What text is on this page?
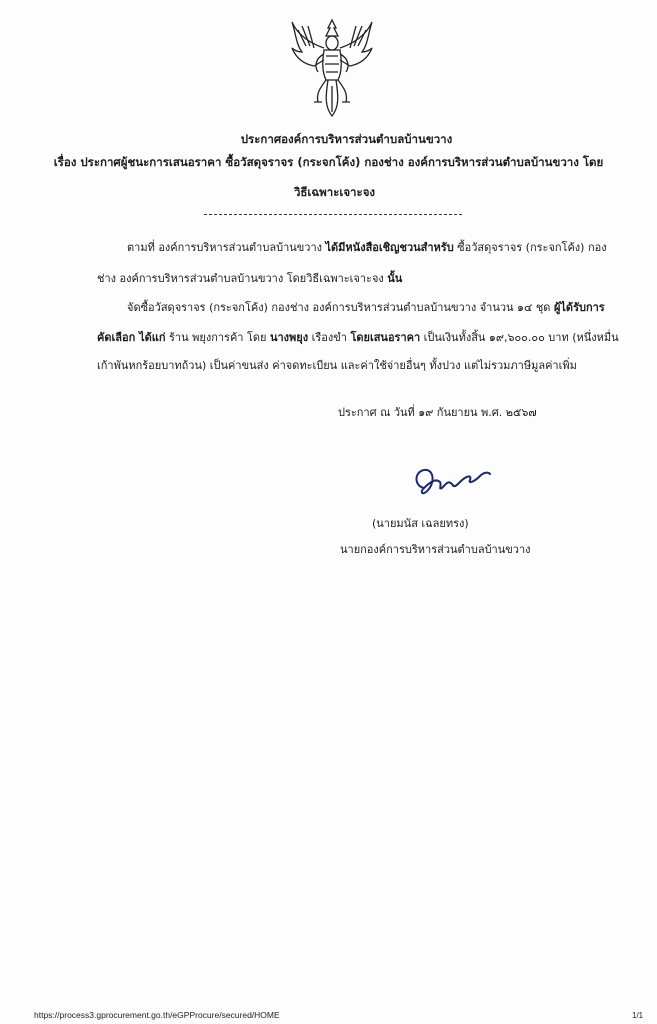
ประกาศองค์การบริหารส่วนตำบลบ้านขวาง
เรื่อง ประกาศผู้ชนะการเสนอราคา ซื้อวัสดุจราจร (กระจกโค้ง) กองช่าง องค์การบริหารส่วนตำบลบ้านขวาง โดย
วิธีเฉพาะเจาะจง
ตามที่ องค์การบริหารส่วนตำบลบ้านขวาง ได้มีหนังสือเชิญชวนสำหรับ ซื้อวัสดุจราจร (กระจกโค้ง) กอง
ช่าง องค์การบริหารส่วนตำบลบ้านขวาง โดยวิธีเฉพาะเจาะจง นั้น
จัดซื้อวัสดุจราจร (กระจกโค้ง) กองช่าง องค์การบริหารส่วนตำบลบ้านขวาง จำนวน ๑๔ ชุด ผู้ได้รับการ
คัดเลือก ได้แก่ ร้าน พยุงการค้า โดย นางพยุง เรืองขำ โดยเสนอราคา เป็นเงินทั้งสิ้น ๑๙,๖๐๐.๐๐ บาท (หนึ่งหมื่น
เก้าพันหกร้อยบาทถ้วน) เป็นค่าขนส่ง ค่าจดทะเบียน และค่าใช้จ่ายอื่นๆ ทั้งปวง แต่ไม่รวมภาษีมูลค่าเพิ่ม
ประกาศ ณ วันที่ ๑๙ กันยายน พ.ศ. ๒๕๖๗
(นายมนัส เฉลยทรง)
นายกองค์การบริหารส่วนตำบลบ้านขวาง
https://process3.gprocurement.go.th/eGPProcure/secured/HOME	1/1
